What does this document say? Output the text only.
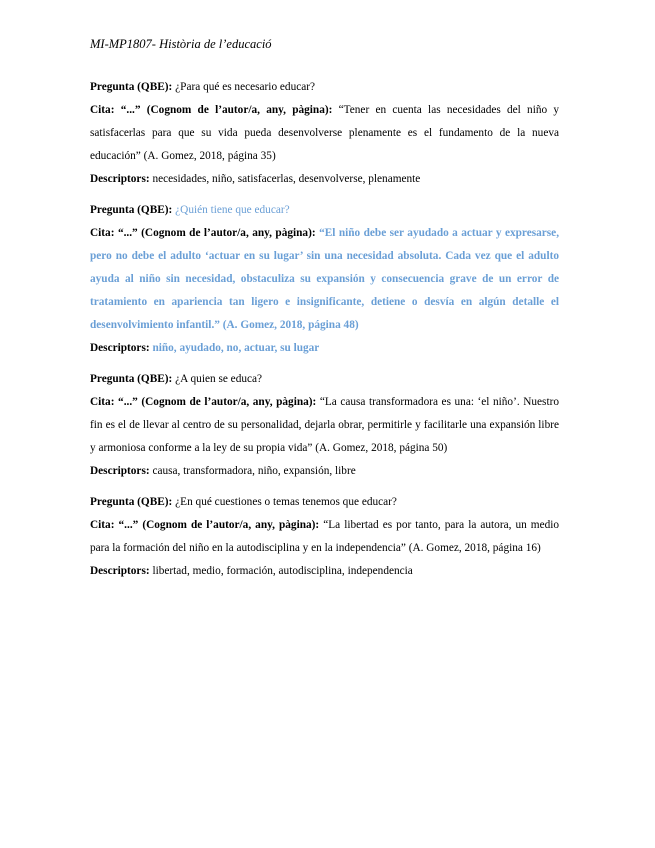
MI-MP1807- Història de l’educació

Pregunta (QBE): ¿Para qué es necesario educar?

Cita: “...” (Cognom de l’autor/a, any, pàgina): “Tener en cuenta las necesidades del niño y satisfacerlas para que su vida pueda desenvolverse plenamente es el fundamento de la nueva educación” (A. Gomez, 2018, página 35)

Descriptors: necesidades, niño, satisfacerlas, desenvolverse, plenamente

Pregunta (QBE): ¿Quién tiene que educar?

Cita: “...” (Cognom de l’autor/a, any, pàgina): “El niño debe ser ayudado a actuar y expresarse, pero no debe el adulto ‘actuar en su lugar’ sin una necesidad absoluta. Cada vez que el adulto ayuda al niño sin necesidad, obstaculiza su expansión y consecuencia grave de un error de tratamiento en apariencia tan ligero e insignificante, detiene o desvía en algún detalle el desenvolvimiento infantil.” (A. Gomez, 2018, página 48)

Descriptors: niño, ayudado, no, actuar, su lugar

Pregunta (QBE): ¿A quien se educa?

Cita: “...” (Cognom de l’autor/a, any, pàgina): “La causa transformadora es una: ‘el niño’. Nuestro fin es el de llevar al centro de su personalidad, dejarla obrar, permitirle y facilitarle una expansión libre y armoniosa conforme a la ley de su propia vida” (A. Gomez, 2018, página 50)

Descriptors: causa, transformadora, niño, expansión, libre

Pregunta (QBE): ¿En qué cuestiones o temas tenemos que educar?

Cita: “...” (Cognom de l’autor/a, any, pàgina): “La libertad es por tanto, para la autora, un medio para la formación del niño en la autodisciplina y en la independencia” (A. Gomez, 2018, página 16)

Descriptors: libertad, medio, formación, autodisciplina, independencia
